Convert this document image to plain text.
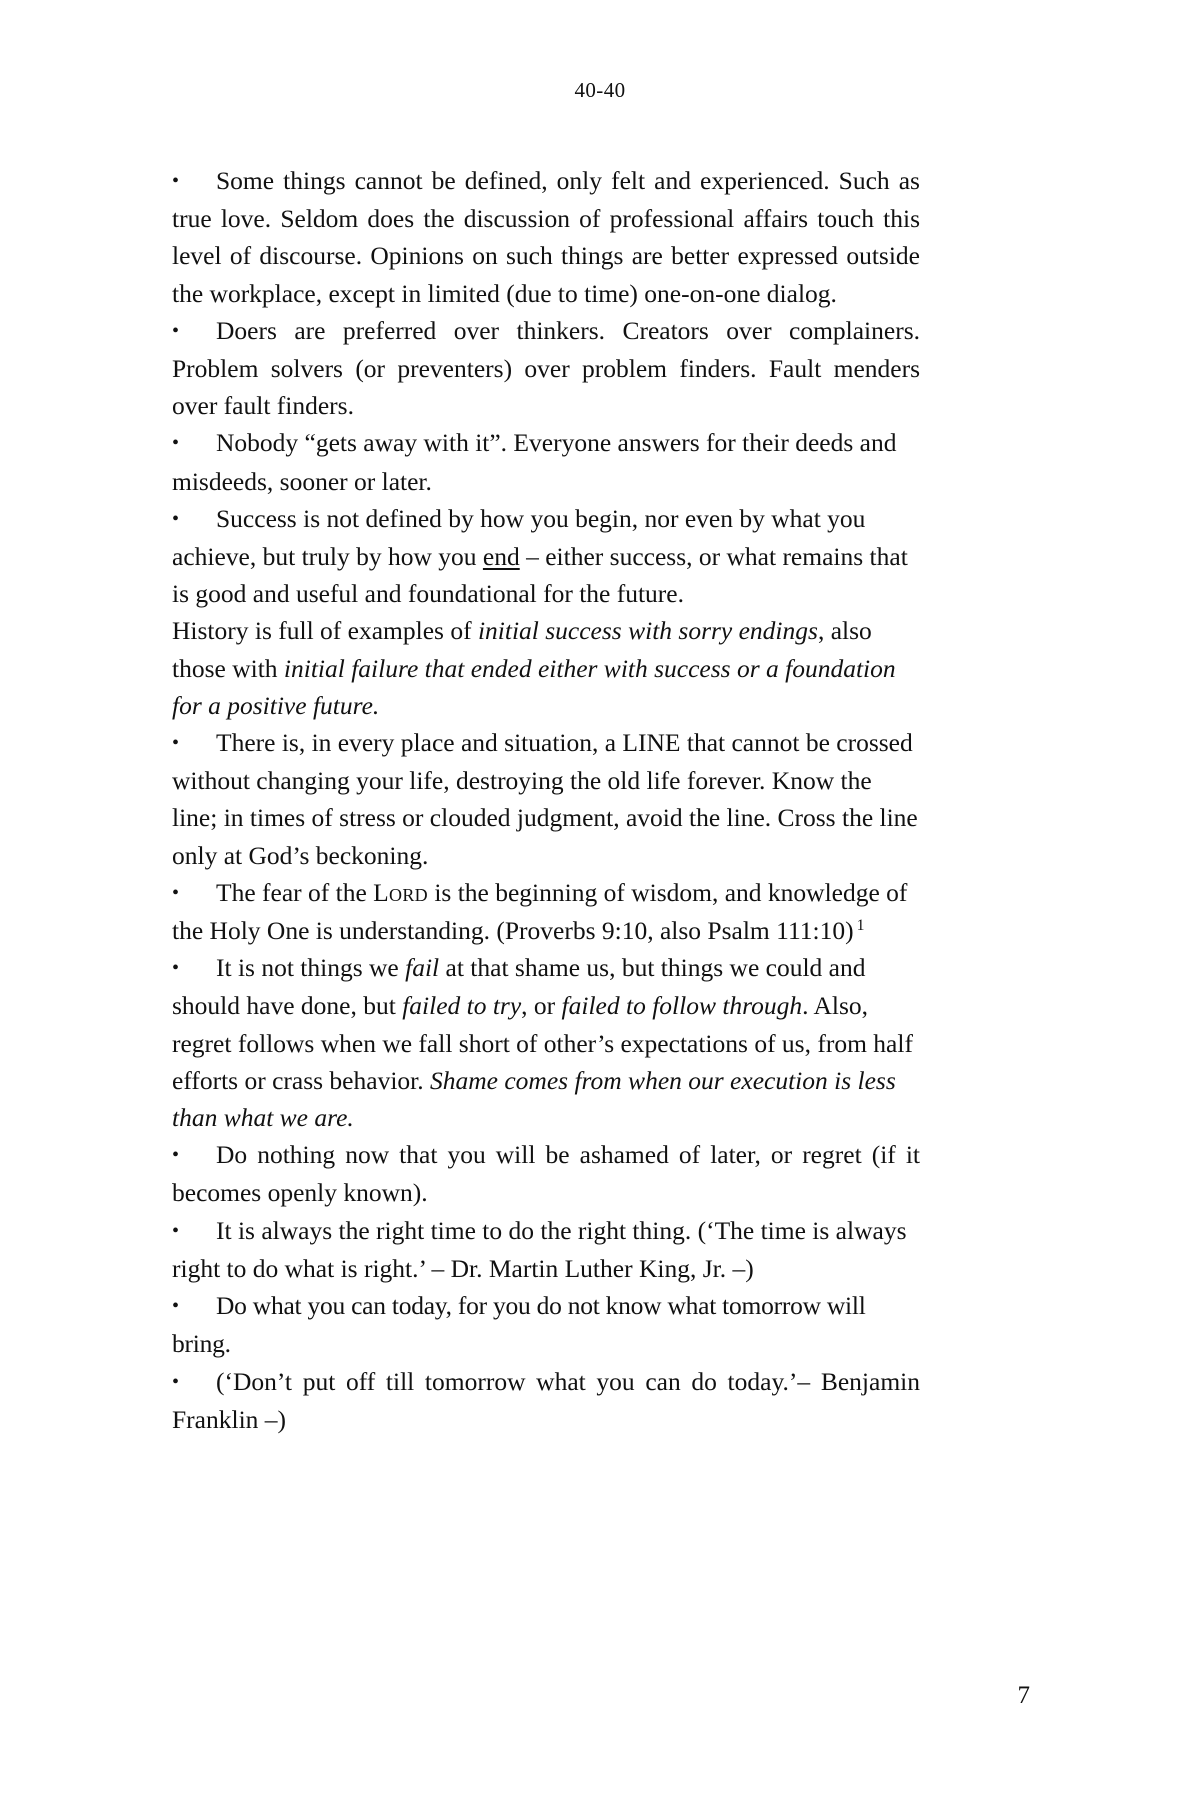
40-40

• Some things cannot be defined, only felt and experienced. Such as true love. Seldom does the discussion of professional affairs touch this level of discourse. Opinions on such things are better expressed outside the workplace, except in limited (due to time) one-on-one dialog.

• Doers are preferred over thinkers. Creators over complainers. Problem solvers (or preventers) over problem finders. Fault menders over fault finders.

• Nobody “gets away with it”. Everyone answers for their deeds and misdeeds, sooner or later.

• Success is not defined by how you begin, nor even by what you achieve, but truly by how you end – either success, or what remains that is good and useful and foundational for the future.

History is full of examples of initial success with sorry endings, also those with initial failure that ended either with success or a foundation for a positive future.

• There is, in every place and situation, a LINE that cannot be crossed without changing your life, destroying the old life forever. Know the line; in times of stress or clouded judgment, avoid the line. Cross the line only at God’s beckoning.

• The fear of the Lord is the beginning of wisdom, and knowledge of the Holy One is understanding. (Proverbs 9:10, also Psalm 111:10) $^1$

• It is not things we fail at that shame us, but things we could and should have done, but failed to try, or failed to follow through. Also, regret follows when we fall short of other’s expectations of us, from half efforts or crass behavior. Shame comes from when our execution is less than what we are.

• Do nothing now that you will be ashamed of later, or regret (if it becomes openly known).

• It is always the right time to do the right thing. (‘The time is always right to do what is right.’ – Dr. Martin Luther King, Jr. –)

• Do what you can today, for you do not know what tomorrow will bring.

• (‘Don’t put off till tomorrow what you can do today.’– Benjamin Franklin –)

7
